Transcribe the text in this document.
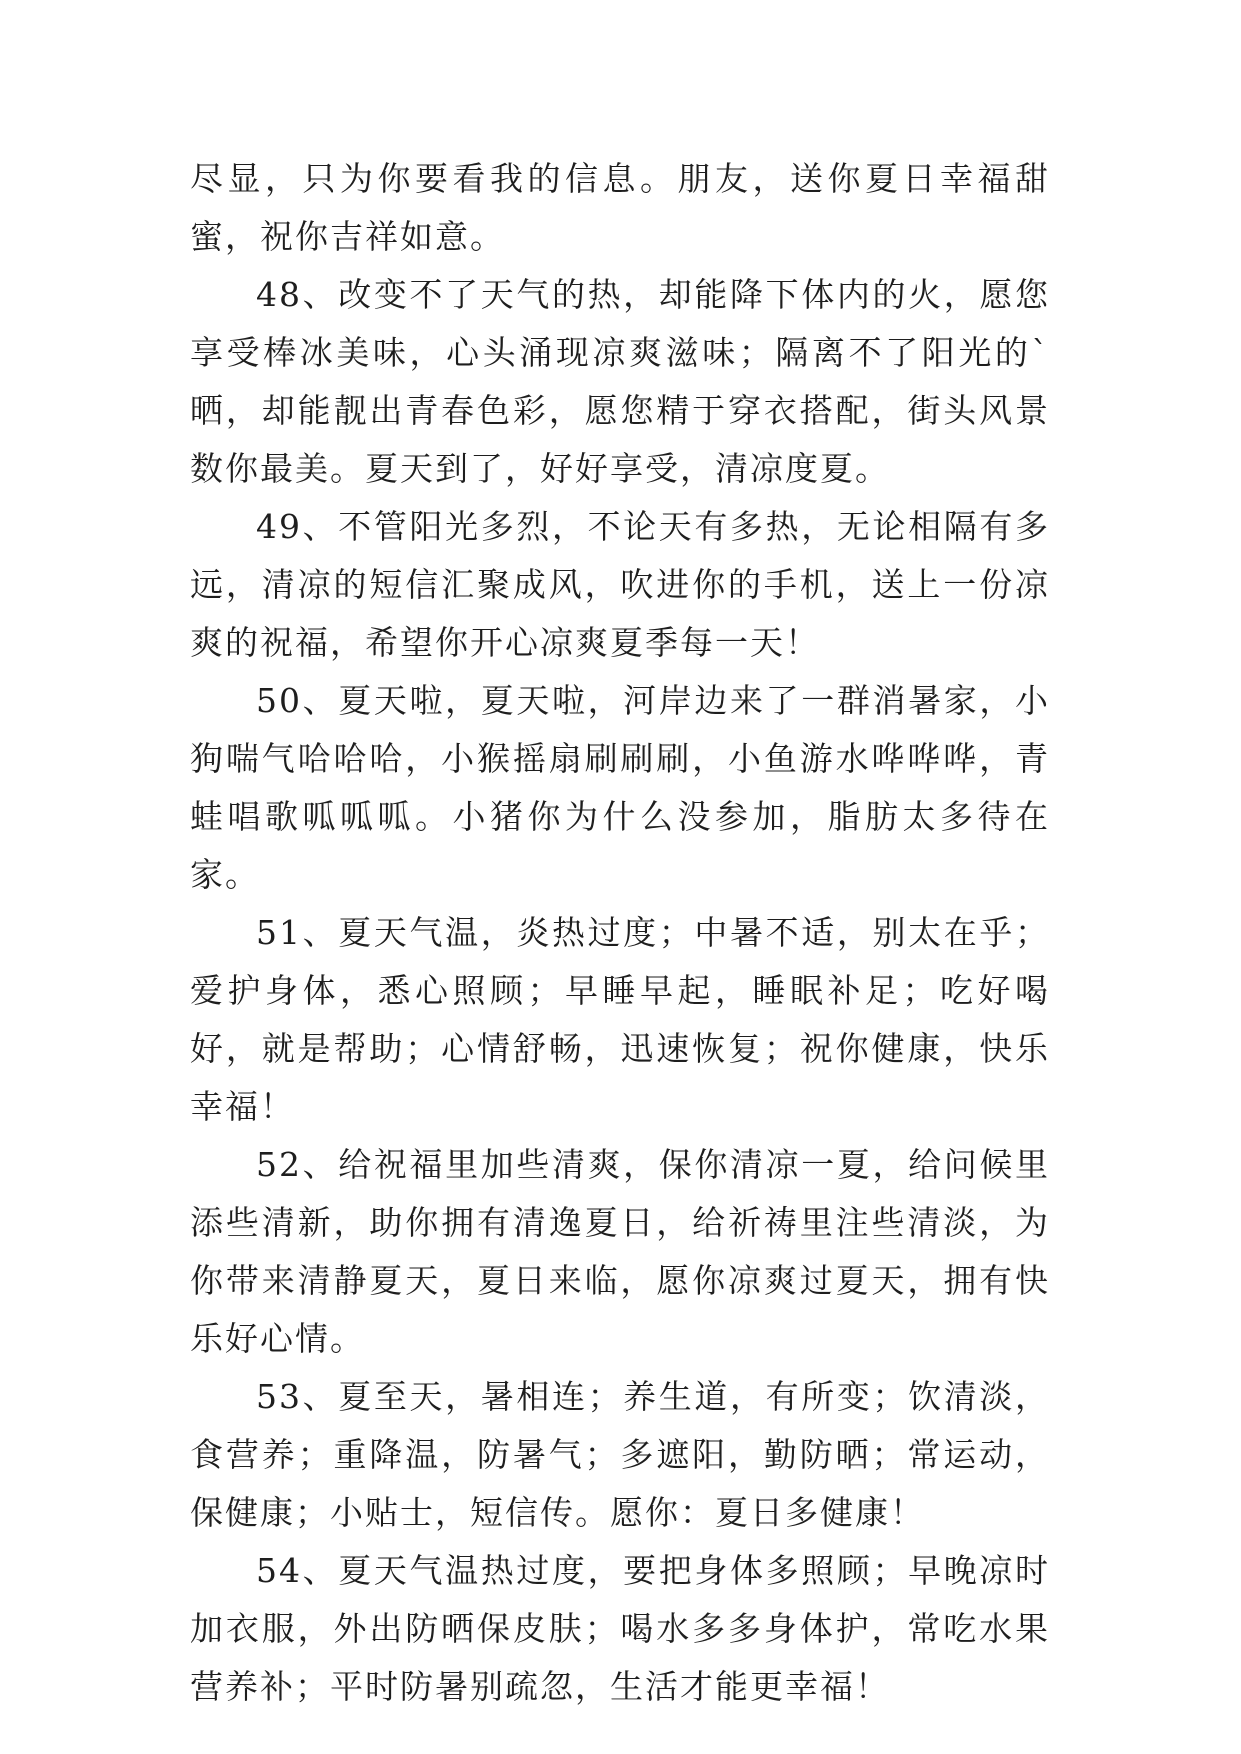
尽显，只为你要看我的信息。朋友，送你夏日幸福甜蜜，祝你吉祥如意。

48、改变不了天气的热，却能降下体内的火，愿您享受棒冰美味，心头涌现凉爽滋味；隔离不了阳光的`晒，却能靓出青春色彩，愿您精于穿衣搭配，街头风景数你最美。夏天到了，好好享受，清凉度夏。

49、不管阳光多烈，不论天有多热，无论相隔有多远，清凉的短信汇聚成风，吹进你的手机，送上一份凉爽的祝福，希望你开心凉爽夏季每一天！

50、夏天啦，夏天啦，河岸边来了一群消暑家，小狗喘气哈哈哈，小猴摇扇刷刷刷，小鱼游水哗哗哗，青蛙唱歌呱呱呱。小猪你为什么没参加，脂肪太多待在家。

51、夏天气温，炎热过度；中暑不适，别太在乎；爱护身体，悉心照顾；早睡早起，睡眠补足；吃好喝好，就是帮助；心情舒畅，迅速恢复；祝你健康，快乐幸福！

52、给祝福里加些清爽，保你清凉一夏，给问候里添些清新，助你拥有清逸夏日，给祈祷里注些清淡，为你带来清静夏天，夏日来临，愿你凉爽过夏天，拥有快乐好心情。

53、夏至天，暑相连；养生道，有所变；饮清淡，食营养；重降温，防暑气；多遮阳，勤防晒；常运动，保健康；小贴士，短信传。愿你：夏日多健康！

54、夏天气温热过度，要把身体多照顾；早晚凉时加衣服，外出防晒保皮肤；喝水多多身体护，常吃水果营养补；平时防暑别疏忽，生活才能更幸福！
